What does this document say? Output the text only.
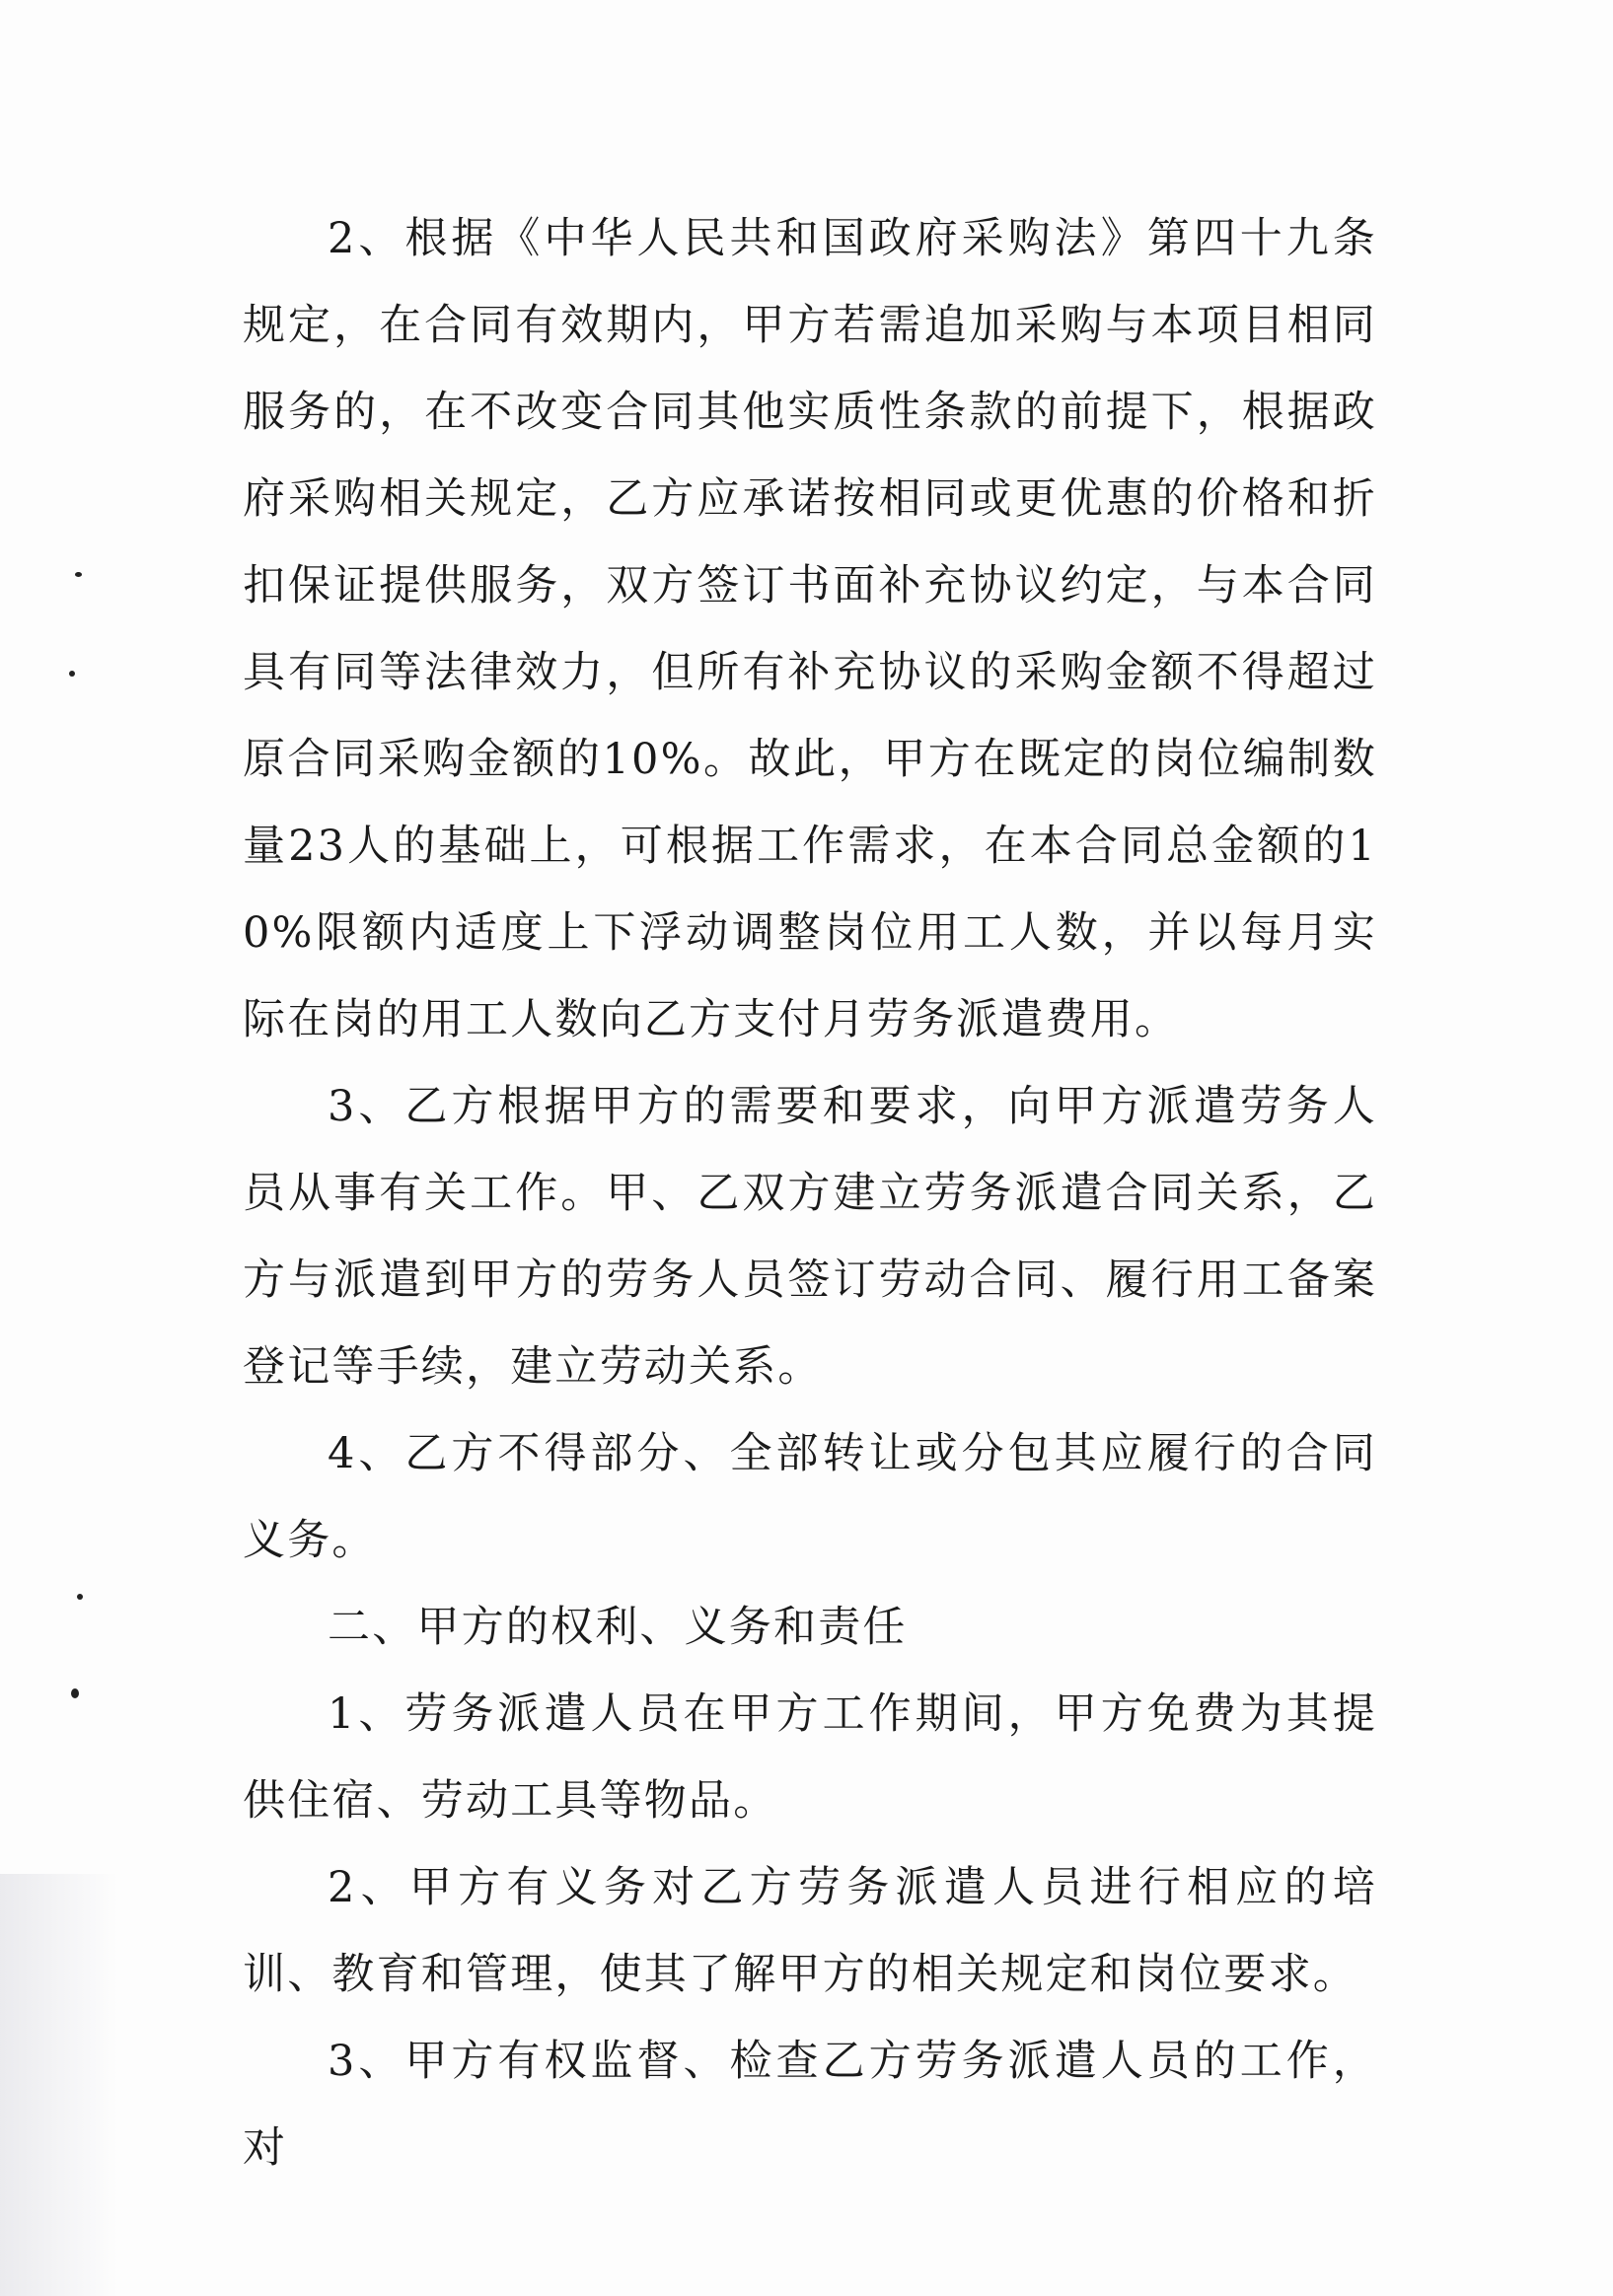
2、根据《中华人民共和国政府采购法》第四十九条规定，在合同有效期内，甲方若需追加采购与本项目相同服务的，在不改变合同其他实质性条款的前提下，根据政府采购相关规定，乙方应承诺按相同或更优惠的价格和折扣保证提供服务，双方签订书面补充协议约定，与本合同具有同等法律效力，但所有补充协议的采购金额不得超过原合同采购金额的10%。故此，甲方在既定的岗位编制数量23人的基础上，可根据工作需求，在本合同总金额的10%限额内适度上下浮动调整岗位用工人数，并以每月实际在岗的用工人数向乙方支付月劳务派遣费用。

3、乙方根据甲方的需要和要求，向甲方派遣劳务人员从事有关工作。甲、乙双方建立劳务派遣合同关系，乙方与派遣到甲方的劳务人员签订劳动合同、履行用工备案登记等手续，建立劳动关系。

4、乙方不得部分、全部转让或分包其应履行的合同义务。

二、甲方的权利、义务和责任

1、劳务派遣人员在甲方工作期间，甲方免费为其提供住宿、劳动工具等物品。

2、甲方有义务对乙方劳务派遣人员进行相应的培训、教育和管理，使其了解甲方的相关规定和岗位要求。

3、甲方有权监督、检查乙方劳务派遣人员的工作，对
